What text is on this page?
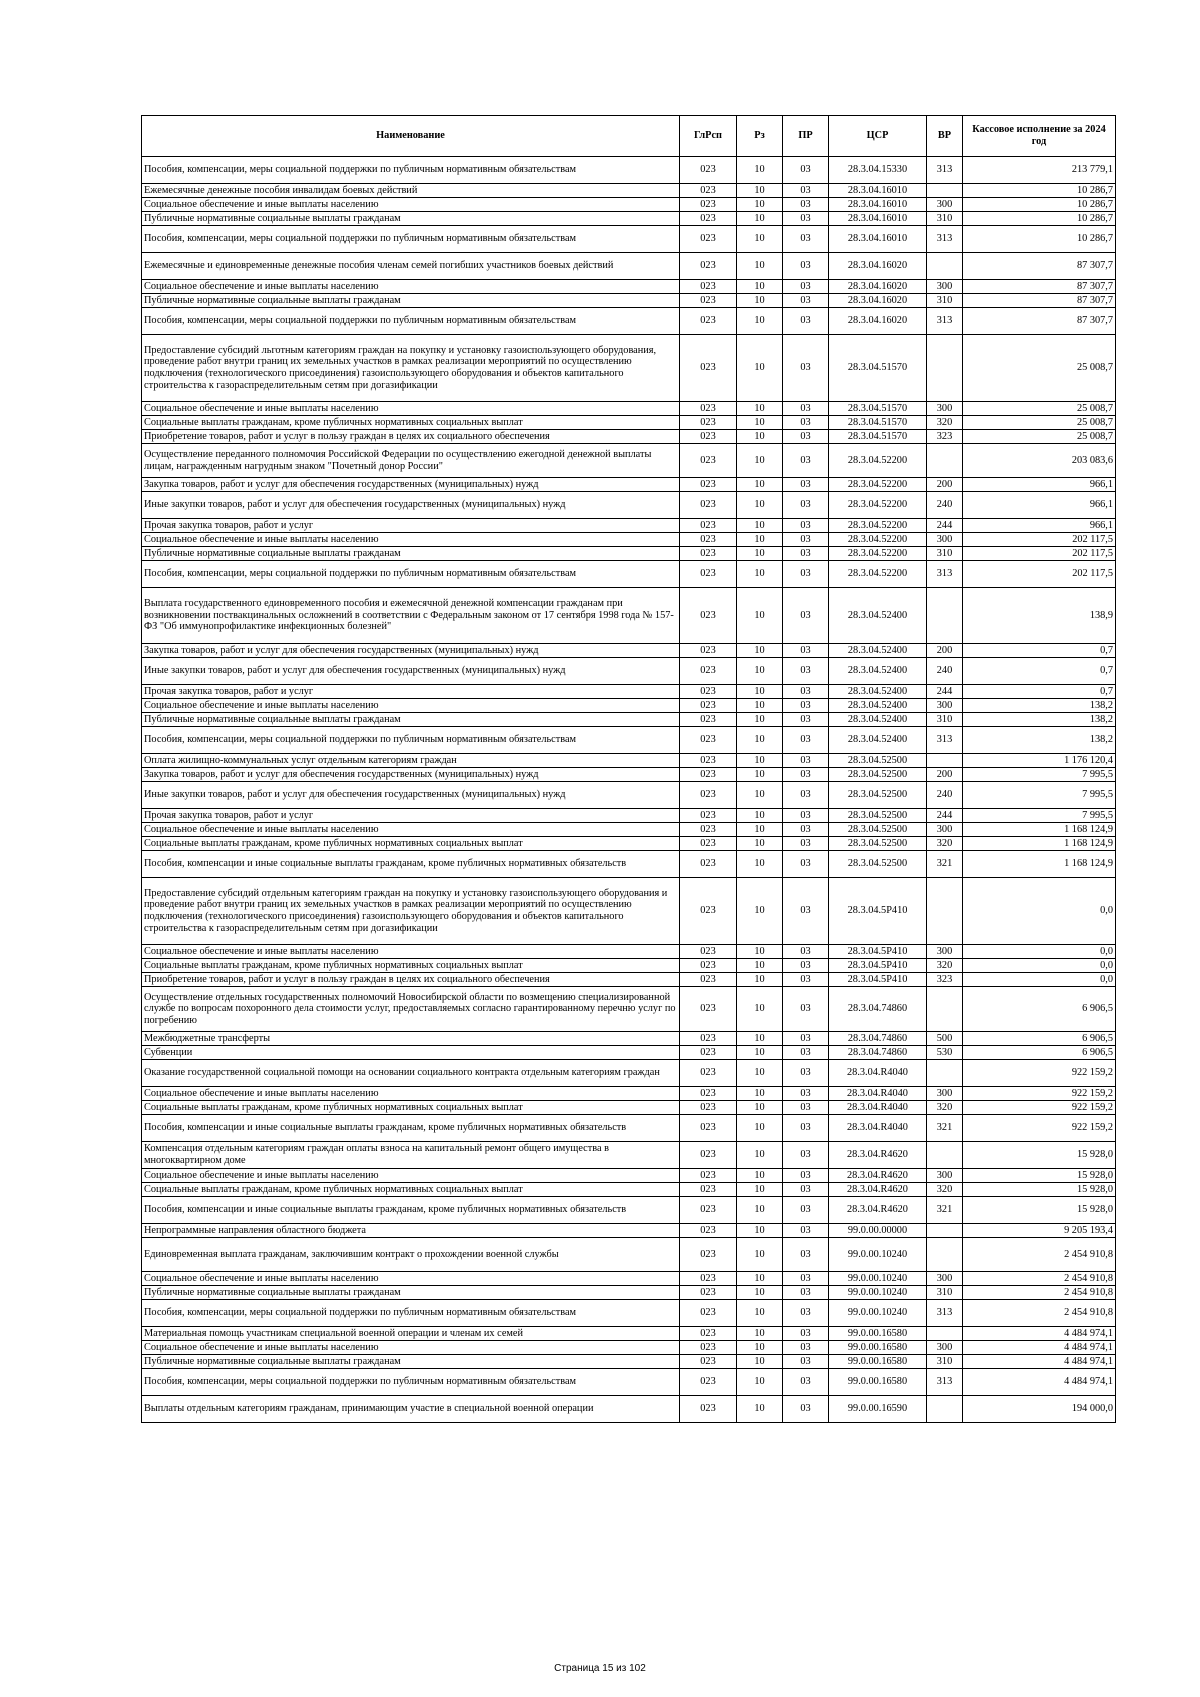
Наименование	ГлРсп	Рз	ПР	ЦСР	ВР	Кассовое исполнение за 2024 год
Пособия, компенсации, меры социальной поддержки по публичным нормативным обязательствам	023	10	03	28.3.04.15330	313	213 779,1
Ежемесячные денежные пособия инвалидам боевых действий	023	10	03	28.3.04.16010		10 286,7
Социальное обеспечение и иные выплаты населению	023	10	03	28.3.04.16010	300	10 286,7
Публичные нормативные социальные выплаты гражданам	023	10	03	28.3.04.16010	310	10 286,7
Пособия, компенсации, меры социальной поддержки по публичным нормативным обязательствам	023	10	03	28.3.04.16010	313	10 286,7
Ежемесячные и единовременные денежные пособия членам семей погибших участников боевых действий	023	10	03	28.3.04.16020		87 307,7
Социальное обеспечение и иные выплаты населению	023	10	03	28.3.04.16020	300	87 307,7
Публичные нормативные социальные выплаты гражданам	023	10	03	28.3.04.16020	310	87 307,7
Пособия, компенсации, меры социальной поддержки по публичным нормативным обязательствам	023	10	03	28.3.04.16020	313	87 307,7
Предоставление субсидий льготным категориям граждан на покупку и установку газоиспользующего оборудования, проведение работ внутри границ их земельных участков в рамках реализации мероприятий по осуществлению подключения (технологического присоединения) газоиспользующего оборудования и объектов капитального строительства к газораспределительным сетям при догазификации	023	10	03	28.3.04.51570		25 008,7
Социальное обеспечение и иные выплаты населению	023	10	03	28.3.04.51570	300	25 008,7
Социальные выплаты гражданам, кроме публичных нормативных социальных выплат	023	10	03	28.3.04.51570	320	25 008,7
Приобретение товаров, работ и услуг в пользу граждан в целях их социального обеспечения	023	10	03	28.3.04.51570	323	25 008,7
Осуществление переданного полномочия Российской Федерации по осуществлению ежегодной денежной выплаты лицам, награжденным нагрудным знаком "Почетный донор России"	023	10	03	28.3.04.52200		203 083,6
Закупка товаров, работ и услуг для обеспечения государственных (муниципальных) нужд	023	10	03	28.3.04.52200	200	966,1
Иные закупки товаров, работ и услуг для обеспечения государственных (муниципальных) нужд	023	10	03	28.3.04.52200	240	966,1
Прочая закупка товаров, работ и услуг	023	10	03	28.3.04.52200	244	966,1
Социальное обеспечение и иные выплаты населению	023	10	03	28.3.04.52200	300	202 117,5
Публичные нормативные социальные выплаты гражданам	023	10	03	28.3.04.52200	310	202 117,5
Пособия, компенсации, меры социальной поддержки по публичным нормативным обязательствам	023	10	03	28.3.04.52200	313	202 117,5
Выплата государственного единовременного пособия и ежемесячной денежной компенсации гражданам при возникновении поствакцинальных осложнений в соответствии с Федеральным законом от 17 сентября 1998 года № 157-ФЗ "Об иммунопрофилактике инфекционных болезней"	023	10	03	28.3.04.52400		138,9
Закупка товаров, работ и услуг для обеспечения государственных (муниципальных) нужд	023	10	03	28.3.04.52400	200	0,7
Иные закупки товаров, работ и услуг для обеспечения государственных (муниципальных) нужд	023	10	03	28.3.04.52400	240	0,7
Прочая закупка товаров, работ и услуг	023	10	03	28.3.04.52400	244	0,7
Социальное обеспечение и иные выплаты населению	023	10	03	28.3.04.52400	300	138,2
Публичные нормативные социальные выплаты гражданам	023	10	03	28.3.04.52400	310	138,2
Пособия, компенсации, меры социальной поддержки по публичным нормативным обязательствам	023	10	03	28.3.04.52400	313	138,2
Оплата жилищно-коммунальных услуг отдельным категориям граждан	023	10	03	28.3.04.52500		1 176 120,4
Закупка товаров, работ и услуг для обеспечения государственных (муниципальных) нужд	023	10	03	28.3.04.52500	200	7 995,5
Иные закупки товаров, работ и услуг для обеспечения государственных (муниципальных) нужд	023	10	03	28.3.04.52500	240	7 995,5
Прочая закупка товаров, работ и услуг	023	10	03	28.3.04.52500	244	7 995,5
Социальное обеспечение и иные выплаты населению	023	10	03	28.3.04.52500	300	1 168 124,9
Социальные выплаты гражданам, кроме публичных нормативных социальных выплат	023	10	03	28.3.04.52500	320	1 168 124,9
Пособия, компенсации и иные социальные выплаты гражданам, кроме публичных нормативных обязательств	023	10	03	28.3.04.52500	321	1 168 124,9
Предоставление субсидий отдельным категориям граждан на покупку и установку газоиспользующего оборудования и проведение работ внутри границ их земельных участков в рамках реализации мероприятий по осуществлению подключения (технологического присоединения) газоиспользующего оборудования и объектов капитального строительства к газораспределительным сетям при догазификации	023	10	03	28.3.04.5Р410		0,0
Социальное обеспечение и иные выплаты населению	023	10	03	28.3.04.5Р410	300	0,0
Социальные выплаты гражданам, кроме публичных нормативных социальных выплат	023	10	03	28.3.04.5Р410	320	0,0
Приобретение товаров, работ и услуг в пользу граждан в целях их социального обеспечения	023	10	03	28.3.04.5Р410	323	0,0
Осуществление отдельных государственных полномочий Новосибирской области по возмещению специализированной службе по вопросам похоронного дела стоимости услуг, предоставляемых согласно гарантированному перечню услуг по погребению	023	10	03	28.3.04.74860		6 906,5
Межбюджетные трансферты	023	10	03	28.3.04.74860	500	6 906,5
Субвенции	023	10	03	28.3.04.74860	530	6 906,5
Оказание государственной социальной помощи на основании социального контракта отдельным категориям граждан	023	10	03	28.3.04.R4040		922 159,2
Социальное обеспечение и иные выплаты населению	023	10	03	28.3.04.R4040	300	922 159,2
Социальные выплаты гражданам, кроме публичных нормативных социальных выплат	023	10	03	28.3.04.R4040	320	922 159,2
Пособия, компенсации и иные социальные выплаты гражданам, кроме публичных нормативных обязательств	023	10	03	28.3.04.R4040	321	922 159,2
Компенсация отдельным категориям граждан оплаты взноса на капитальный ремонт общего имущества в многоквартирном доме	023	10	03	28.3.04.R4620		15 928,0
Социальное обеспечение и иные выплаты населению	023	10	03	28.3.04.R4620	300	15 928,0
Социальные выплаты гражданам, кроме публичных нормативных социальных выплат	023	10	03	28.3.04.R4620	320	15 928,0
Пособия, компенсации и иные социальные выплаты гражданам, кроме публичных нормативных обязательств	023	10	03	28.3.04.R4620	321	15 928,0
Непрограммные направления областного бюджета	023	10	03	99.0.00.00000		9 205 193,4
Единовременная выплата гражданам, заключившим контракт о прохождении военной службы	023	10	03	99.0.00.10240		2 454 910,8
Социальное обеспечение и иные выплаты населению	023	10	03	99.0.00.10240	300	2 454 910,8
Публичные нормативные социальные выплаты гражданам	023	10	03	99.0.00.10240	310	2 454 910,8
Пособия, компенсации, меры социальной поддержки по публичным нормативным обязательствам	023	10	03	99.0.00.10240	313	2 454 910,8
Материальная помощь участникам специальной военной операции и членам их семей	023	10	03	99.0.00.16580		4 484 974,1
Социальное обеспечение и иные выплаты населению	023	10	03	99.0.00.16580	300	4 484 974,1
Публичные нормативные социальные выплаты гражданам	023	10	03	99.0.00.16580	310	4 484 974,1
Пособия, компенсации, меры социальной поддержки по публичным нормативным обязательствам	023	10	03	99.0.00.16580	313	4 484 974,1
Выплаты отдельным категориям гражданам, принимающим участие в специальной военной операции	023	10	03	99.0.00.16590		194 000,0
Страница 15 из 102
